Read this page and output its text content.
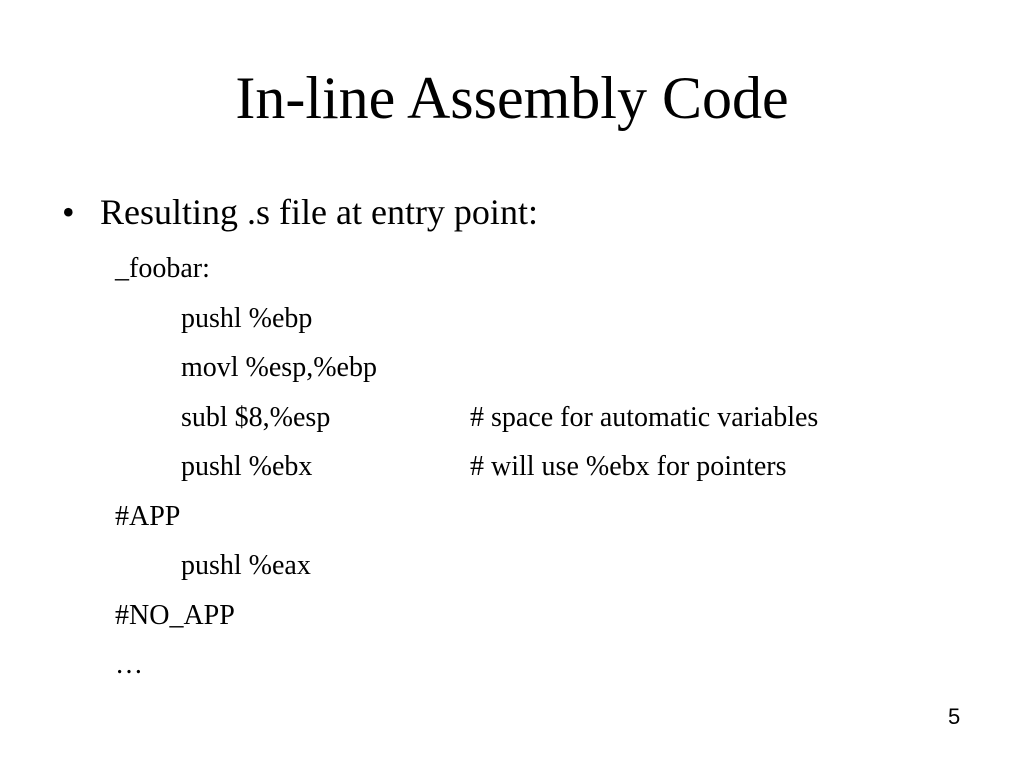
In-line Assembly Code
• Resulting .s file at entry point:
_foobar:
pushl %ebp
movl %esp,%ebp
subl $8,%esp	# space for automatic variables
pushl %ebx	# will use %ebx for pointers
#APP
pushl %eax
#NO_APP
…
5
